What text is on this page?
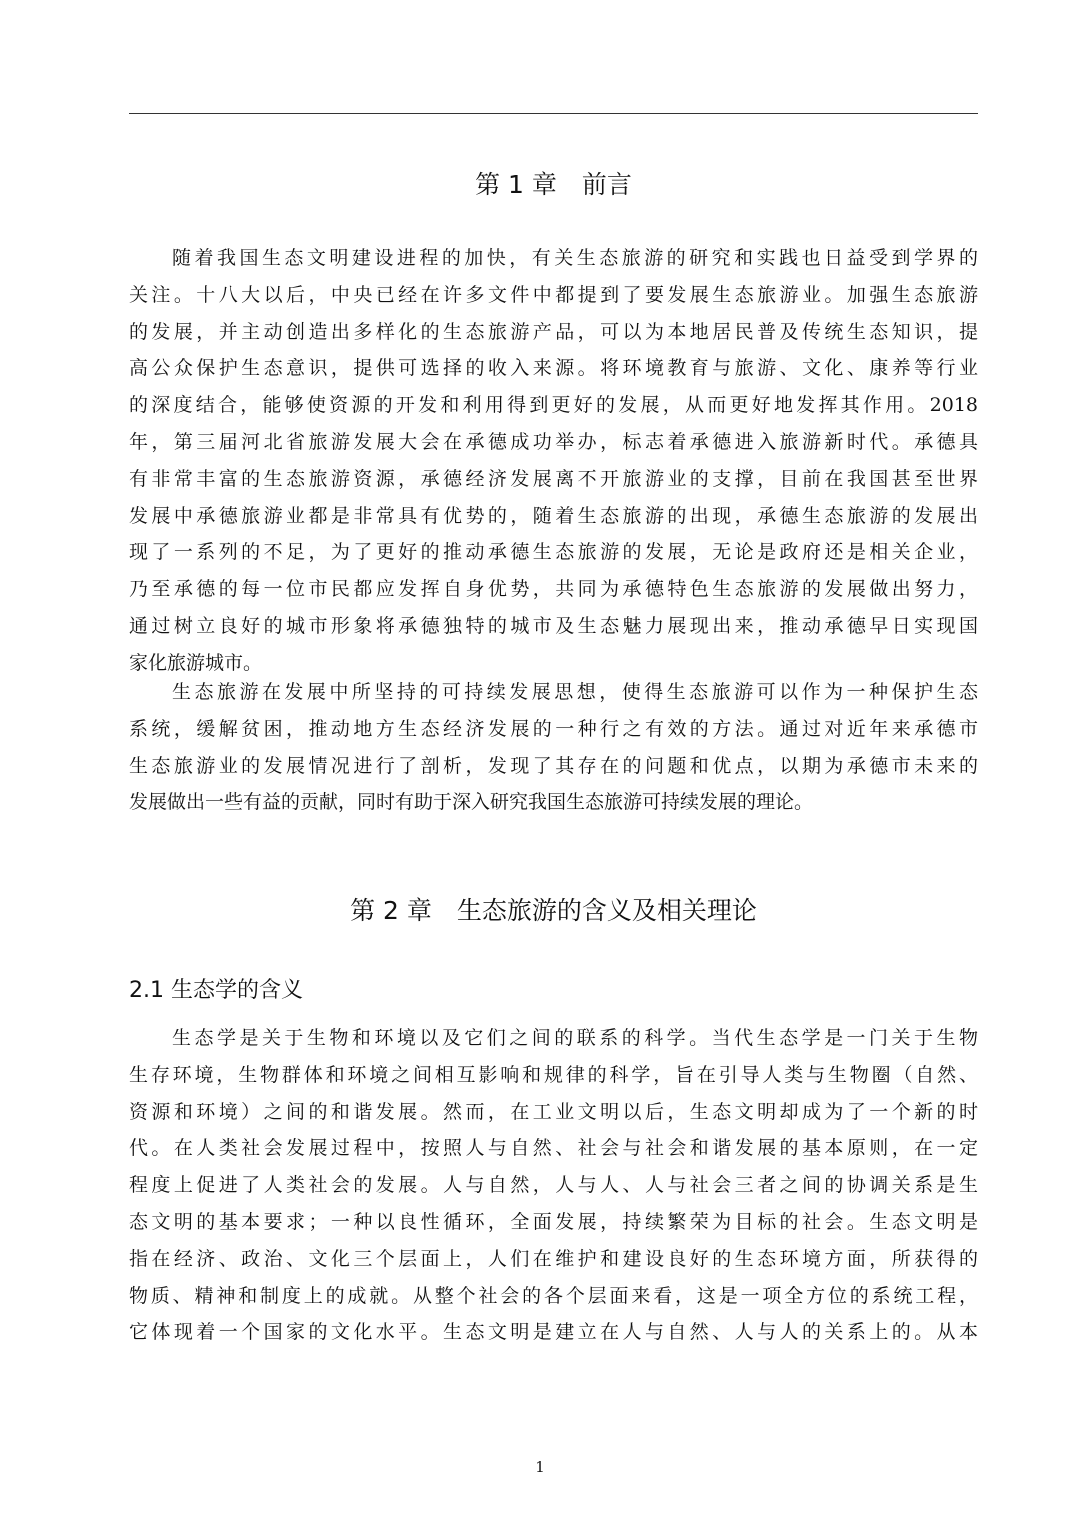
第 1 章　前言
随着我国生态文明建设进程的加快，有关生态旅游的研究和实践也日益受到学界的
关注。十八大以后，中央已经在许多文件中都提到了要发展生态旅游业。加强生态旅游
的发展，并主动创造出多样化的生态旅游产品，可以为本地居民普及传统生态知识，提
高公众保护生态意识，提供可选择的收入来源。将环境教育与旅游、文化、康养等行业
的深度结合，能够使资源的开发和利用得到更好的发展，从而更好地发挥其作用。2018
年，第三届河北省旅游发展大会在承德成功举办，标志着承德进入旅游新时代。承德具
有非常丰富的生态旅游资源，承德经济发展离不开旅游业的支撑，目前在我国甚至世界
发展中承德旅游业都是非常具有优势的，随着生态旅游的出现，承德生态旅游的发展出
现了一系列的不足，为了更好的推动承德生态旅游的发展，无论是政府还是相关企业，
乃至承德的每一位市民都应发挥自身优势，共同为承德特色生态旅游的发展做出努力，
通过树立良好的城市形象将承德独特的城市及生态魅力展现出来，推动承德早日实现国
家化旅游城市。
生态旅游在发展中所坚持的可持续发展思想，使得生态旅游可以作为一种保护生态
系统，缓解贫困，推动地方生态经济发展的一种行之有效的方法。通过对近年来承德市
生态旅游业的发展情况进行了剖析，发现了其存在的问题和优点，以期为承德市未来的
发展做出一些有益的贡献，同时有助于深入研究我国生态旅游可持续发展的理论。
第 2 章　生态旅游的含义及相关理论
2.1 生态学的含义
生态学是关于生物和环境以及它们之间的联系的科学。当代生态学是一门关于生物
生存环境，生物群体和环境之间相互影响和规律的科学，旨在引导人类与生物圈（自然、
资源和环境）之间的和谐发展。然而，在工业文明以后，生态文明却成为了一个新的时
代。在人类社会发展过程中，按照人与自然、社会与社会和谐发展的基本原则，在一定
程度上促进了人类社会的发展。人与自然，人与人、人与社会三者之间的协调关系是生
态文明的基本要求；一种以良性循环，全面发展，持续繁荣为目标的社会。生态文明是
指在经济、政治、文化三个层面上，人们在维护和建设良好的生态环境方面，所获得的
物质、精神和制度上的成就。从整个社会的各个层面来看，这是一项全方位的系统工程，
它体现着一个国家的文化水平。生态文明是建立在人与自然、人与人的关系上的。从本
1
